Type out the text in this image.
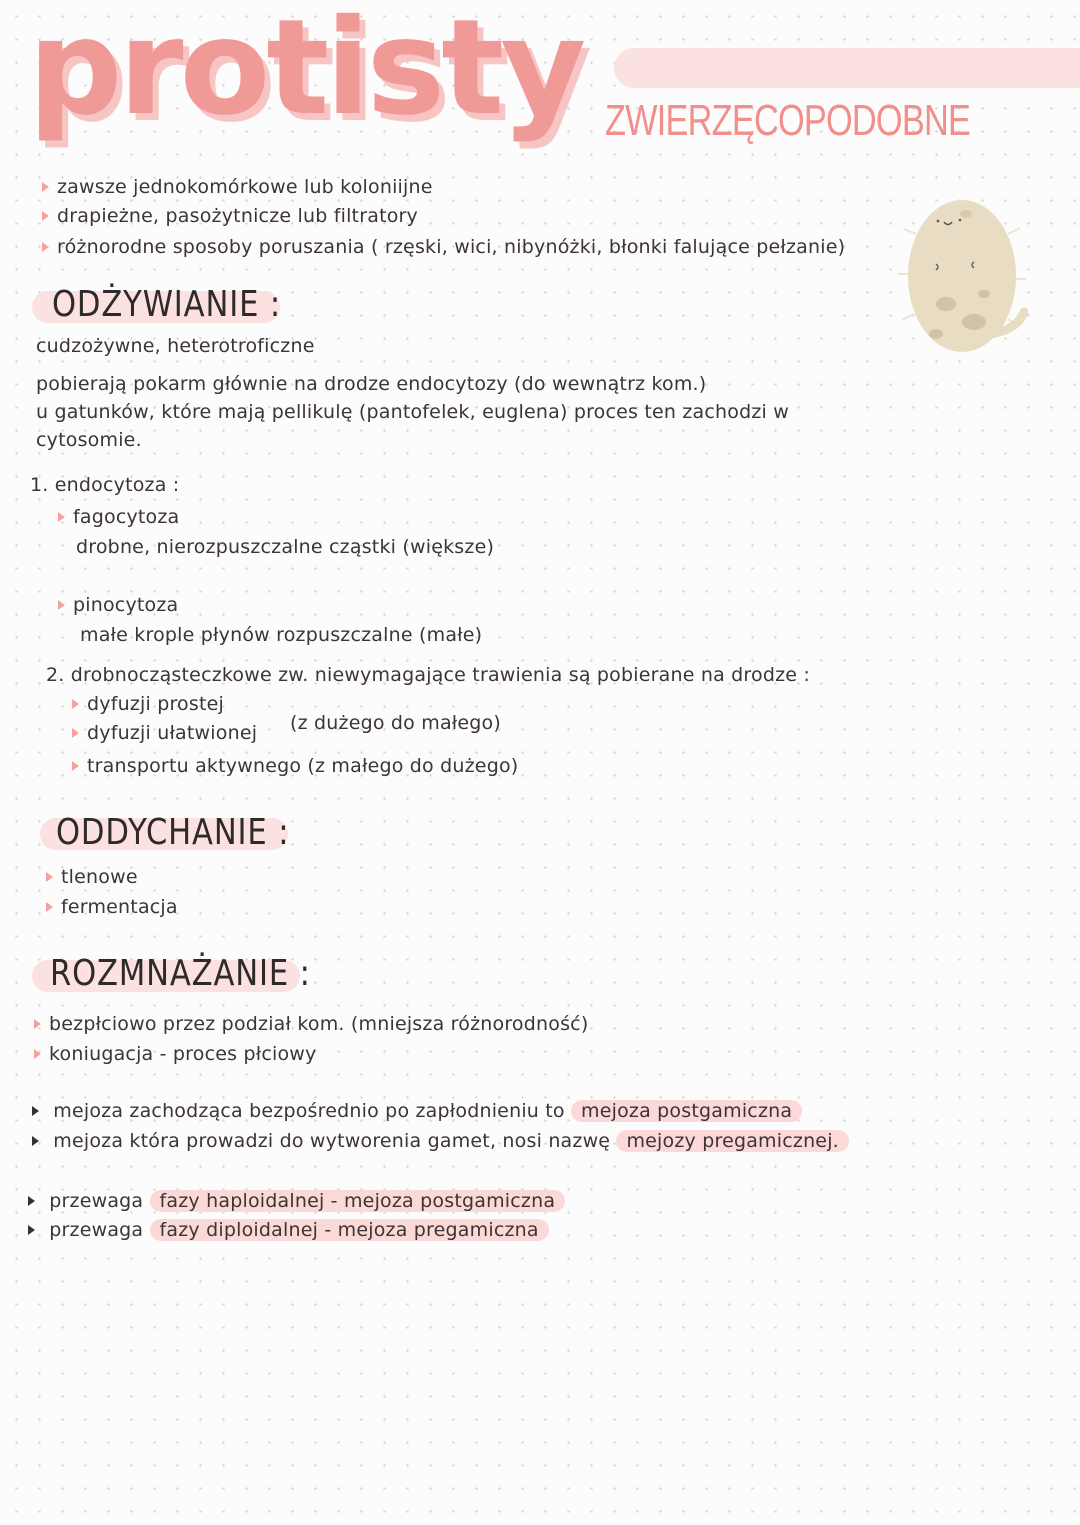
protisty ZWIERZĘCOPODOBNE
zawsze jednokomórkowe lub koloniijne
drapieżne, pasożytnicze lub filtratory
różnorodne sposoby poruszania ( rzęski, wici, nibynóżki, błonki falujące pełzanie)
ODŻYWIANIE :
cudzożywne, heterotroficzne
pobierają pokarm głównie na drodze endocytozy (do wewnątrz kom.)
u gatunków, które mają pellikulę (pantofelek, euglena) proces ten zachodzi w
cytosomie.
1. endocytoza :
fagocytoza
drobne, nierozpuszczalne cząstki (większe)
pinocytoza
małe krople płynów rozpuszczalne (małe)
2. drobnocząsteczkowe zw. niewymagające trawienia są pobierane na drodze :
dyfuzji prostej
dyfuzji ułatwionej (z dużego do małego)
transportu aktywnego (z małego do dużego)
ODDYCHANIE :
tlenowe
fermentacja
ROZMNAŻANIE :
bezpłciowo przez podział kom. (mniejsza różnorodność)
koniugacja - proces płciowy
mejoza zachodząca bezpośrednio po zapłodnieniu to mejoza postgamiczna
mejoza która prowadzi do wytworenia gamet, nosi nazwę mejozy pregamicznej.
przewaga fazy haploidalnej - mejoza postgamiczna
przewaga fazy diploidalnej - mejoza pregamiczna
